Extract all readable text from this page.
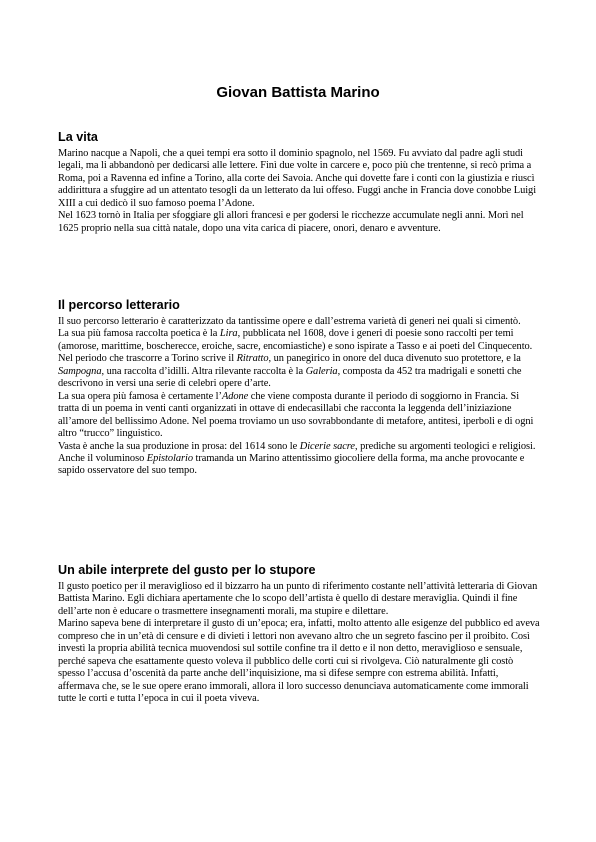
Giovan Battista Marino
La vita

Marino nacque a Napoli, che a quei tempi era sotto il dominio spagnolo, nel 1569. Fu avviato dal padre agli studi legali, ma li abbandonò per dedicarsi alle lettere. Finì due volte in carcere e, poco più che trentenne, si recò prima a Roma, poi a Ravenna ed infine a Torino, alla corte dei Savoia. Anche qui dovette fare i conti con la giustizia e riuscì addirittura a sfuggire ad un attentato tesogli da un letterato da lui offeso. Fuggì anche in Francia dove conobbe Luigi XIII a cui dedicò il suo famoso poema l’Adone.

Nel 1623 tornò in Italia per sfoggiare gli allori francesi e per godersi le ricchezze accumulate negli anni. Morì nel 1625 proprio nella sua città natale, dopo una vita carica di piacere, onori, denaro e avventure.

Il percorso letterario

Il suo percorso letterario è caratterizzato da tantissime opere e dall’estrema varietà di generi nei quali si cimentò.

La sua più famosa raccolta poetica è la Lira, pubblicata nel 1608, dove i generi di poesie sono raccolti per temi (amorose, marittime, boscherecce, eroiche, sacre, encomiastiche) e sono ispirate a Tasso e ai poeti del Cinquecento.

Nel periodo che trascorre a Torino scrive il Ritratto, un panegirico in onore del duca divenuto suo protettore, e la Sampogna, una raccolta d’idilli. Altra rilevante raccolta è la Galeria, composta da 452 tra madrigali e sonetti che descrivono in versi una serie di celebri opere d’arte.

La sua opera più famosa è certamente l’Adone che viene composta durante il periodo di soggiorno in Francia. Si tratta di un poema in venti canti organizzati in ottave di endecasillabi che racconta la leggenda dell’iniziazione all’amore del bellissimo Adone. Nel poema troviamo un uso sovrabbondante di metafore, antitesi, iperboli e di ogni altro “trucco” linguistico.

Vasta è anche la sua produzione in prosa: del 1614 sono le Dicerie sacre, prediche su argomenti teologici e religiosi.

Anche il voluminoso Epistolario tramanda un Marino attentissimo giocoliere della forma, ma anche provocante e sapido osservatore del suo tempo.

Un abile interprete del gusto per lo stupore

Il gusto poetico per il meraviglioso ed il bizzarro ha un punto di riferimento costante nell’attività letteraria di Giovan Battista Marino. Egli dichiara apertamente che lo scopo dell’artista è quello di destare meraviglia. Quindi il fine dell’arte non è educare o trasmettere insegnamenti morali, ma stupire e dilettare.

Marino sapeva bene di interpretare il gusto di un’epoca; era, infatti, molto attento alle esigenze del pubblico ed aveva compreso che in un’età di censure e di divieti i lettori non avevano altro che un segreto fascino per il proibito. Così investì la propria abilità tecnica muovendosi sul sottile confine tra il detto e il non detto, meraviglioso e sensuale, perché sapeva che esattamente questo voleva il pubblico delle corti cui si rivolgeva. Ciò naturalmente gli costò spesso l’accusa d’oscenità da parte anche dell’inquisizione, ma si difese sempre con estrema abilità. Infatti, affermava che, se le sue opere erano immorali, allora il loro successo denunciava automaticamente come immorali tutte le corti e tutta l’epoca in cui il poeta viveva.
